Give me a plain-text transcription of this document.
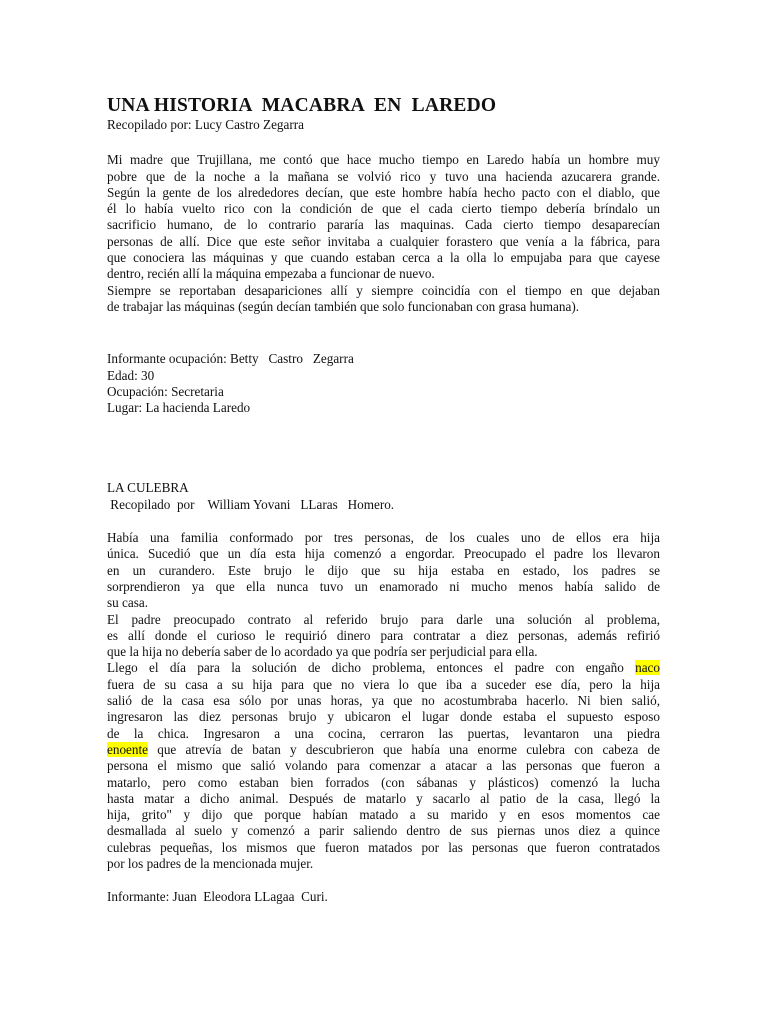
UNA HISTORIA  MACABRA  EN  LAREDO

Recopilado por: Lucy Castro Zegarra

Mi madre que Trujillana, me contó que hace mucho tiempo en Laredo había un hombre muy

pobre que de la noche a la mañana se volvió rico y tuvo una hacienda azucarera grande.

Según la gente de los alrededores decían, que este hombre había hecho pacto con el diablo, que

él lo había vuelto rico con la condición de que el cada cierto tiempo debería bríndalo un

sacrificio humano, de lo contrario pararía las maquinas. Cada cierto tiempo desaparecían

personas de allí. Dice que este señor invitaba a cualquier forastero que venía a la fábrica, para

que conociera las máquinas y que cuando estaban cerca a la olla lo empujaba para que cayese

dentro, recién allí la máquina empezaba a funcionar de nuevo.

Siempre se reportaban desapariciones allí y siempre coincidía con el tiempo en que dejaban

de trabajar las máquinas (según decían también que solo funcionaban con grasa humana).

Informante ocupación: Betty   Castro   Zegarra

Edad: 30

Ocupación: Secretaria

Lugar: La hacienda Laredo

LA CULEBRA

Recopilado  por    William Yovani   LLaras   Homero.

Había una familia conformado por tres personas, de los cuales uno de ellos era hija

única. Sucedió que un día esta hija comenzó a engordar. Preocupado el padre los llevaron

en un curandero. Este brujo le dijo que su hija estaba en estado, los padres se

sorprendieron ya que ella nunca tuvo un enamorado ni mucho menos había salido de

su casa.

El padre preocupado contrato al referido brujo para darle una solución al problema,

es allí donde el curioso le requirió dinero para contratar a diez personas, además refirió

que la hija no debería saber de lo acordado ya que podría ser perjudicial para ella.

Llego el día para la solución de dicho problema, entonces el padre con engaño naco

fuera de su casa a su hija para que no viera lo que iba a suceder ese día, pero la hija

salió de la casa esa sólo por unas horas, ya que no acostumbraba hacerlo. Ni bien salió,

ingresaron las diez personas brujo y ubicaron el lugar donde estaba el supuesto esposo

de la chica. Ingresaron a una cocina, cerraron las puertas, levantaron una piedra

enoente que atrevía de batan y descubrieron que había una enorme culebra con cabeza de

persona el mismo que salió volando para comenzar a atacar a las personas que fueron a

matarlo, pero como estaban bien forrados (con sábanas y plásticos) comenzó la lucha

hasta matar a dicho animal. Después de matarlo y sacarlo al patio de la casa, llegó la

hija, grito" y dijo que porque habían matado a su marido y en esos momentos cae

desmallada al suelo y comenzó a parir saliendo dentro de sus piernas unos diez a quince

culebras pequeñas, los mismos que fueron matados por las personas que fueron contratados

por los padres de la mencionada mujer.

Informante: Juan  Eleodora LLagaa  Curi.
